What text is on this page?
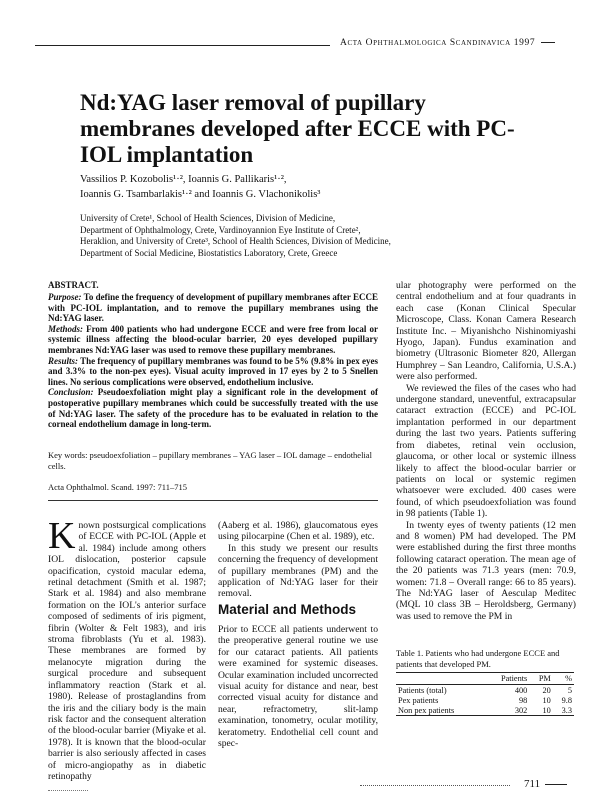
Acta Ophthalmologica Scandinavica 1997
Nd:YAG laser removal of pupillary membranes developed after ECCE with PC-IOL implantation
Vassilios P. Kozobolis¹·², Ioannis G. Pallikaris¹·²,
Ioannis G. Tsambarlakis¹·² and Ioannis G. Vlachonikolis³
University of Crete¹, School of Health Sciences, Division of Medicine,
Department of Ophthalmology, Crete, Vardinoyannion Eye Institute of Crete²,
Heraklion, and University of Crete³, School of Health Sciences, Division of Medicine,
Department of Social Medicine, Biostatistics Laboratory, Crete, Greece
ABSTRACT.

Purpose: To define the frequency of development of pupillary membranes after ECCE with PC-IOL implantation, and to remove the pupillary membranes using the Nd:YAG laser.

Methods: From 400 patients who had undergone ECCE and were free from local or systemic illness affecting the blood-ocular barrier, 20 eyes developed pupillary membranes Nd:YAG laser was used to remove these pupillary membranes.

Results: The frequency of pupillary membranes was found to be 5% (9.8% in pex eyes and 3.3% to the non-pex eyes). Visual acuity improved in 17 eyes by 2 to 5 Snellen lines. No serious complications were observed, endothelium inclusive.

Conclusion: Pseudoexfoliation might play a significant role in the development of postoperative pupillary membranes which could be successfully treated with the use of Nd:YAG laser. The safety of the procedure has to be evaluated in relation to the corneal endothelium damage in long-term.

Key words: pseudoexfoliation – pupillary membranes – YAG laser – IOL damage – endothelial cells.
Acta Ophthalmol. Scand. 1997: 711–715

Known postsurgical complications of ECCE with PC-IOL (Apple et al. 1984) include among others IOL dislocation, posterior capsule opacification, cystoid macular edema, retinal detachment (Smith et al. 1987; Stark et al. 1984) and also membrane formation on the IOL's anterior surface composed of sediments of iris pigment, fibrin (Wolter & Felt 1983), and iris stroma fibroblasts (Yu et al. 1983). These membranes are formed by melanocyte migration during the surgical procedure and subsequent inflammatory reaction (Stark et al. 1980). Release of prostaglandins from the iris and the ciliary body is the main risk factor and the consequent alteration of the blood-ocular barrier (Miyake et al. 1978). It is known that the blood-ocular barrier is also seriously affected in cases of micro-angiopathy as in diabetic retinopathy

(Aaberg et al. 1986), glaucomatous eyes using pilocarpine (Chen et al. 1989), etc.

In this study we present our results concerning the frequency of development of pupillary membranes (PM) and the application of Nd:YAG laser for their removal.

Material and Methods

Prior to ECCE all patients underwent to the preoperative general routine we use for our cataract patients. All patients were examined for systemic diseases. Ocular examination included uncorrected visual acuity for distance and near, best corrected visual acuity for distance and near, refractometry, slit-lamp examination, tonometry, ocular motility, keratometry. Endothelial cell count and spec-

ular photography were performed on the central endothelium and at four quadrants in each case (Konan Clinical Specular Microscope, Class. Konan Camera Research Institute Inc. – Miyanishcho Nishinomiyashi Hyogo, Japan). Fundus examination and biometry (Ultrasonic Biometer 820, Allergan Humphrey – San Leandro, California, U.S.A.) were also performed.

We reviewed the files of the cases who had undergone standard, uneventful, extracapsular cataract extraction (ECCE) and PC-IOL implantation performed in our department during the last two years. Patients suffering from diabetes, retinal vein occlusion, glaucoma, or other local or systemic illness likely to affect the blood-ocular barrier or patients on local or systemic regimen whatsoever were excluded. 400 cases were found, of which pseudoexfoliation was found in 98 patients (Table 1).

In twenty eyes of twenty patients (12 men and 8 women) PM had developed. The PM were established during the first three months following cataract operation. The mean age of the 20 patients was 71.3 years (men: 70.9, women: 71.8 – Overall range: 66 to 85 years). The Nd:YAG laser of Aesculap Meditec (MQL 10 class 3B – Heroldsberg, Germany) was used to remove the PM in

Table 1. Patients who had undergone ECCE and patients that developed PM.
	Patients	PM	%
Patients (total)	400	20	5
Pex patients	98	10	9.8
Non pex patients	302	10	3.3
711
